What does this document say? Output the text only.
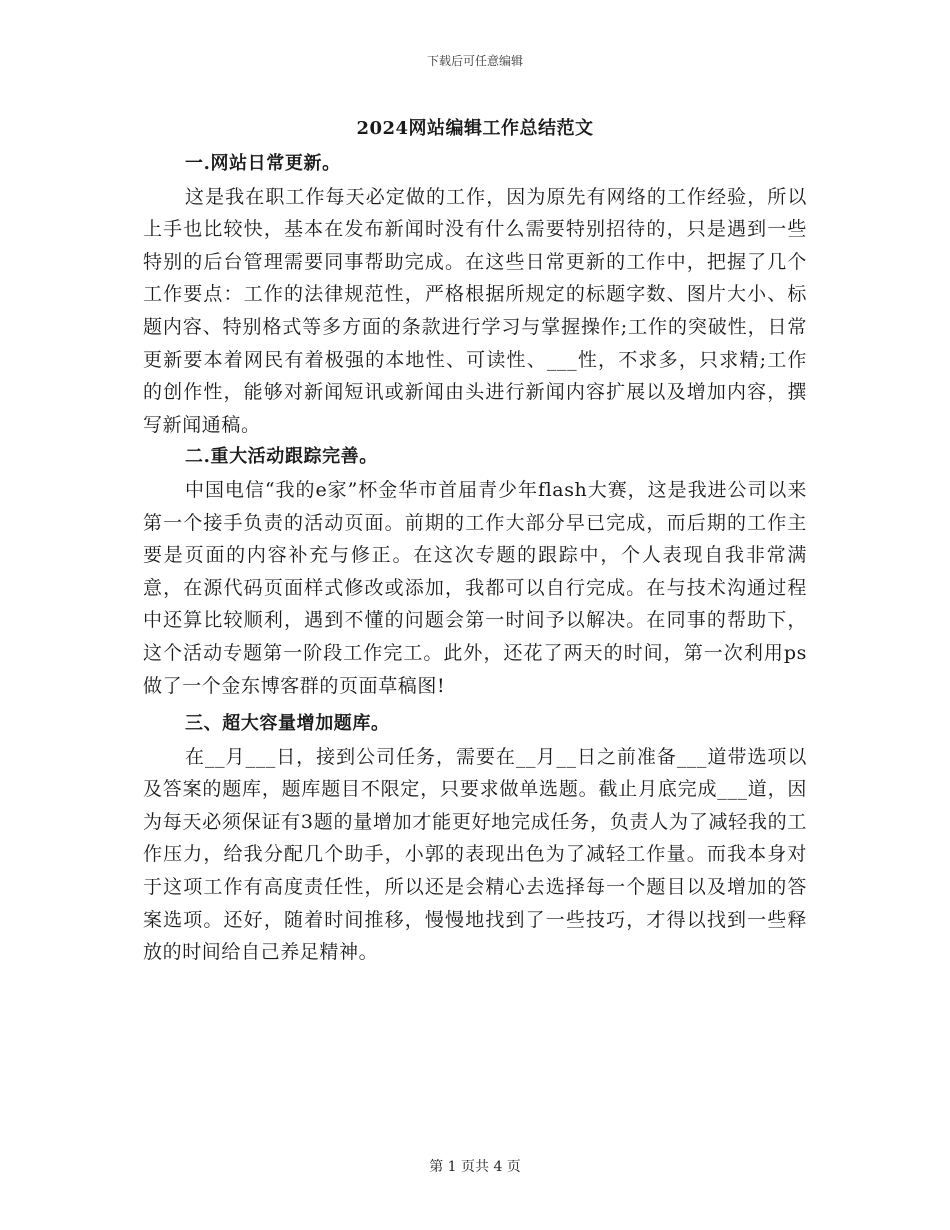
下载后可任意编辑
2024网站编辑工作总结范文

一.网站日常更新。

这是我在职工作每天必定做的工作，因为原先有网络的工作经验，所以上手也比较快，基本在发布新闻时没有什么需要特别招待的，只是遇到一些特别的后台管理需要同事帮助完成。在这些日常更新的工作中，把握了几个工作要点：工作的法律规范性，严格根据所规定的标题字数、图片大小、标题内容、特别格式等多方面的条款进行学习与掌握操作;工作的突破性，日常更新要本着网民有着极强的本地性、可读性、___性，不求多，只求精;工作的创作性，能够对新闻短讯或新闻由头进行新闻内容扩展以及增加内容，撰写新闻通稿。

二.重大活动跟踪完善。

中国电信“我的e家”杯金华市首届青少年flash大赛，这是我进公司以来第一个接手负责的活动页面。前期的工作大部分早已完成，而后期的工作主要是页面的内容补充与修正。在这次专题的跟踪中，个人表现自我非常满意，在源代码页面样式修改或添加，我都可以自行完成。在与技术沟通过程中还算比较顺利，遇到不懂的问题会第一时间予以解决。在同事的帮助下，这个活动专题第一阶段工作完工。此外，还花了两天的时间，第一次利用ps做了一个金东博客群的页面草稿图!

三、超大容量增加题库。

在__月___日，接到公司任务，需要在__月__日之前准备___道带选项以及答案的题库，题库题目不限定，只要求做单选题。截止月底完成___道，因为每天必须保证有3题的量增加才能更好地完成任务，负责人为了减轻我的工作压力，给我分配几个助手，小郭的表现出色为了减轻工作量。而我本身对于这项工作有高度责任性，所以还是会精心去选择每一个题目以及增加的答案选项。还好，随着时间推移，慢慢地找到了一些技巧，才得以找到一些释放的时间给自己养足精神。

第 1 页共 4 页
